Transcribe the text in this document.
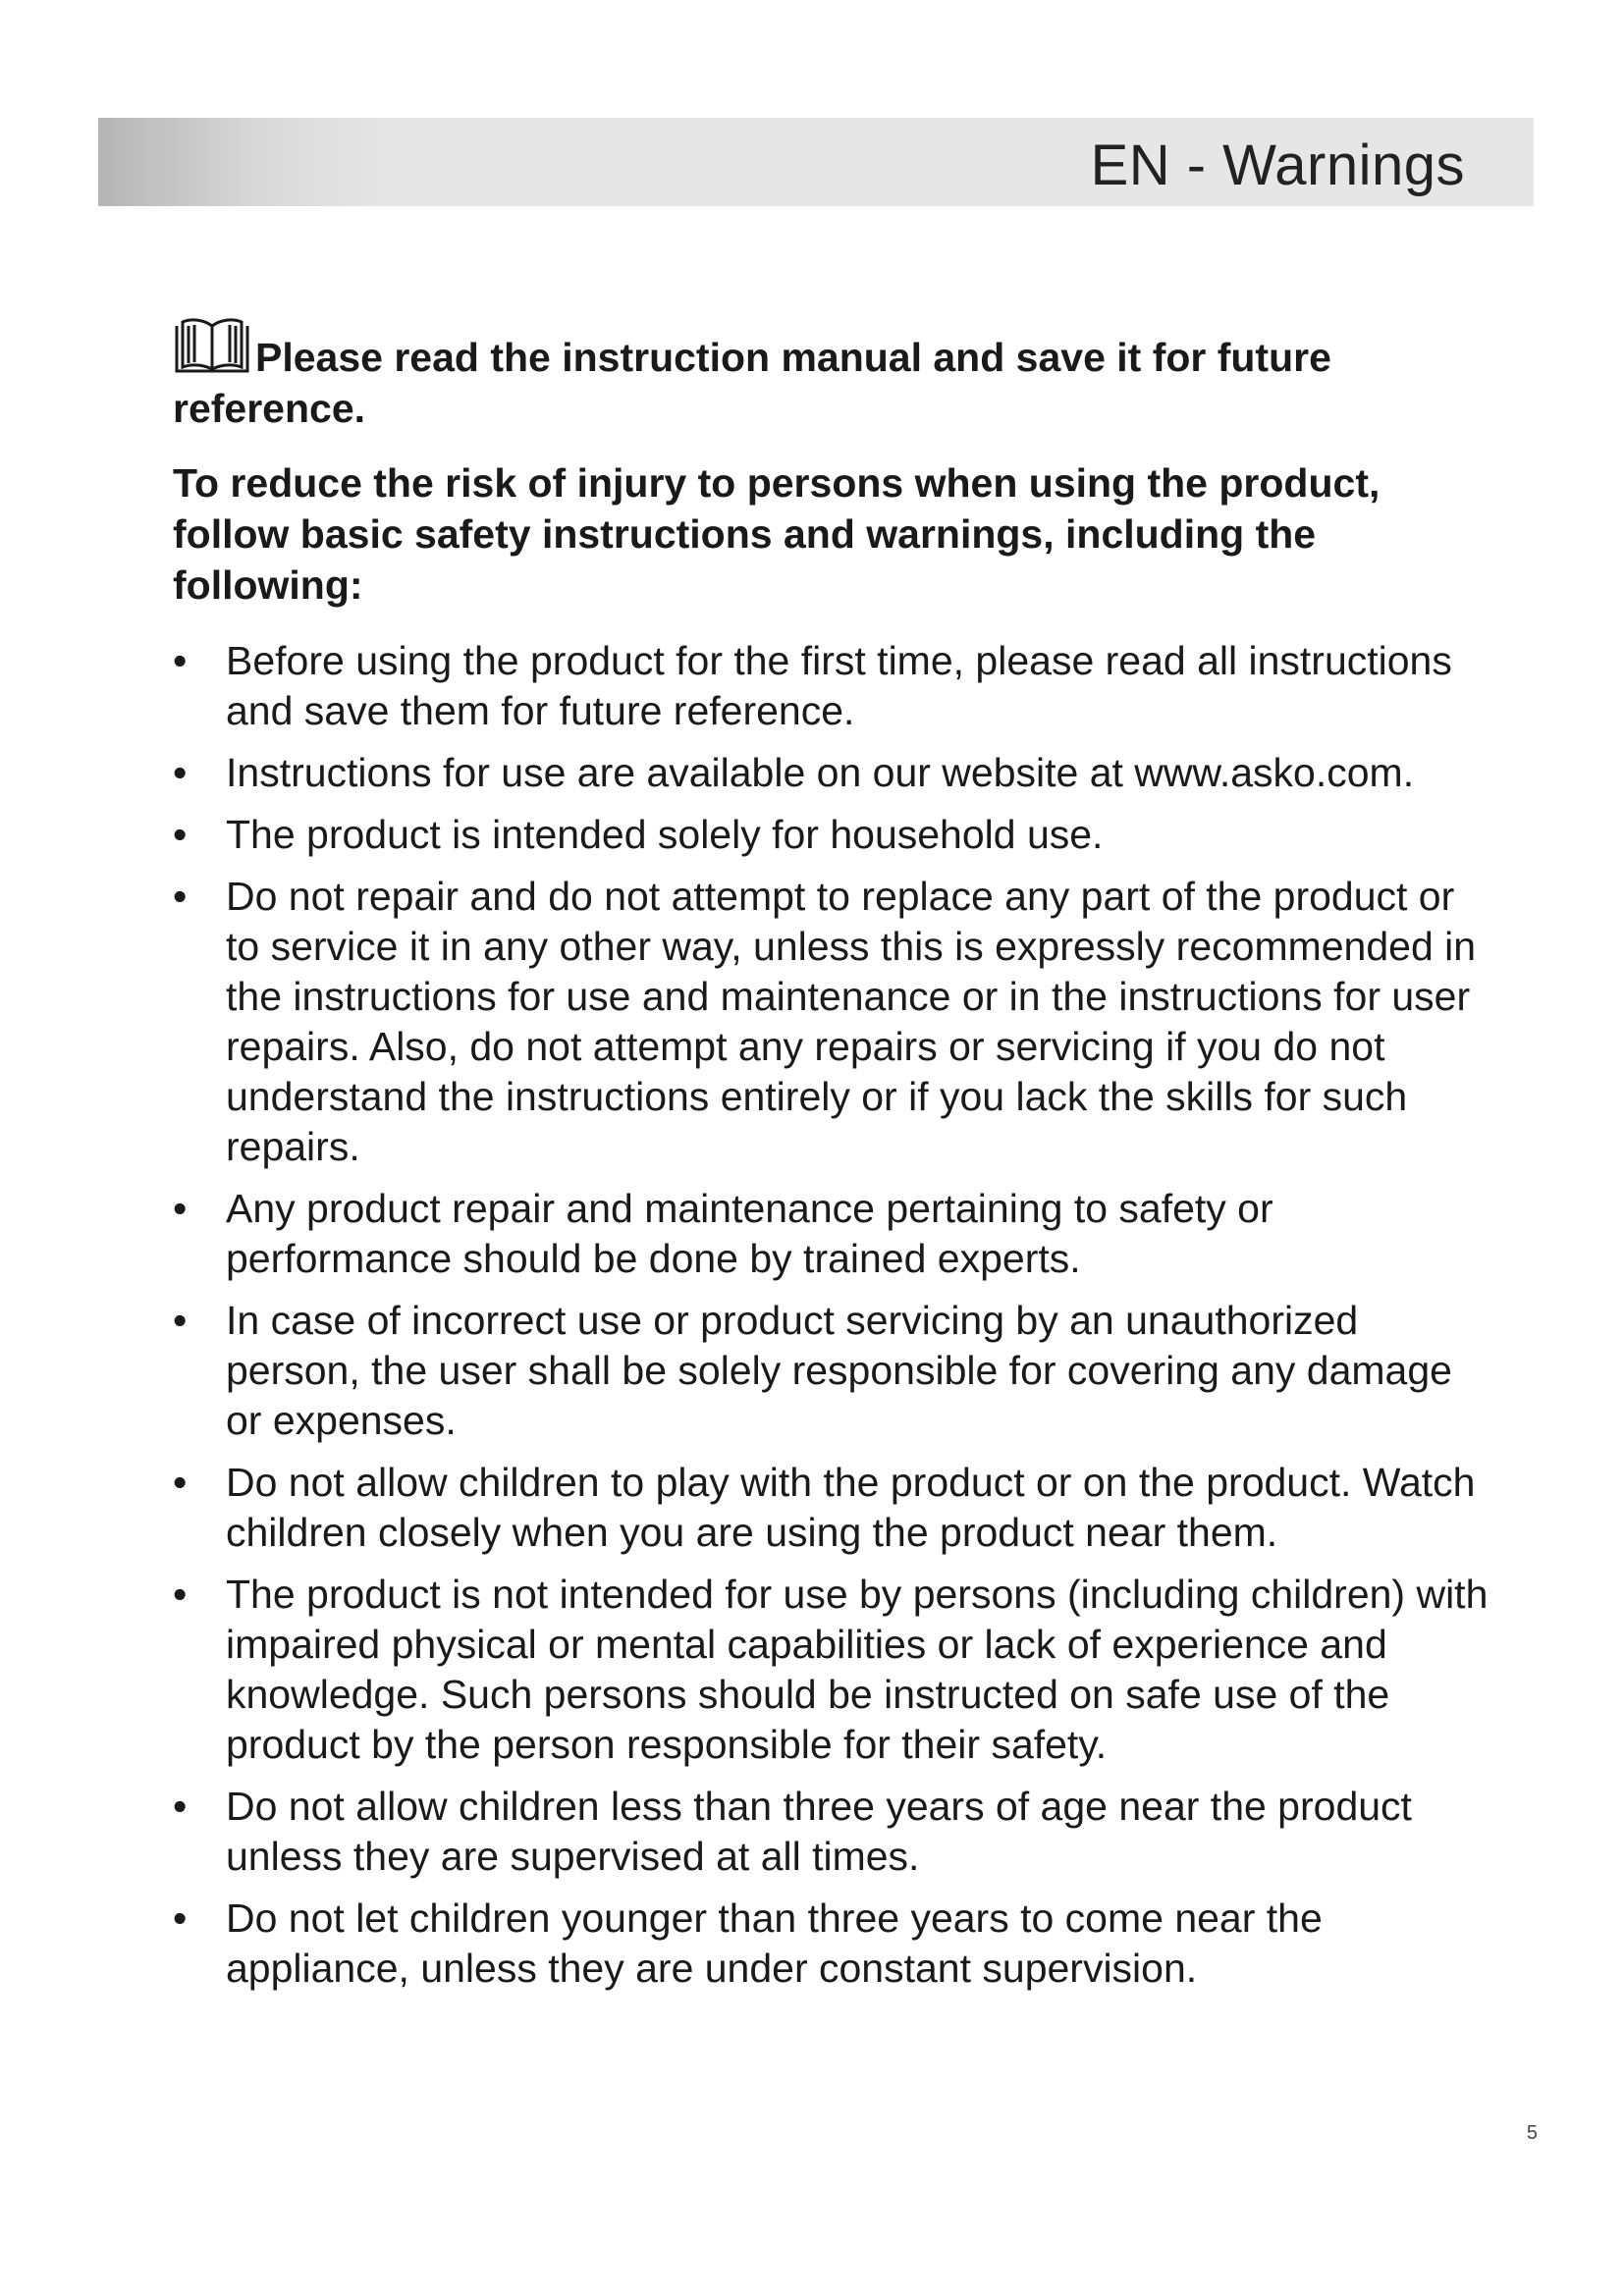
EN - Warnings

Please read the instruction manual and save it for future reference.

To reduce the risk of injury to persons when using the product, follow basic safety instructions and warnings, including the following:

• Before using the product for the first time, please read all instructions and save them for future reference.
• Instructions for use are available on our website at www.asko.com.
• The product is intended solely for household use.
• Do not repair and do not attempt to replace any part of the product or to service it in any other way, unless this is expressly recommended in the instructions for use and maintenance or in the instructions for user repairs. Also, do not attempt any repairs or servicing if you do not understand the instructions entirely or if you lack the skills for such repairs.
• Any product repair and maintenance pertaining to safety or performance should be done by trained experts.
• In case of incorrect use or product servicing by an unauthorized person, the user shall be solely responsible for covering any damage or expenses.
• Do not allow children to play with the product or on the product. Watch children closely when you are using the product near them.
• The product is not intended for use by persons (including children) with impaired physical or mental capabilities or lack of experience and knowledge. Such persons should be instructed on safe use of the product by the person responsible for their safety.
• Do not allow children less than three years of age near the product unless they are supervised at all times.
• Do not let children younger than three years to come near the appliance, unless they are under constant supervision.
5
